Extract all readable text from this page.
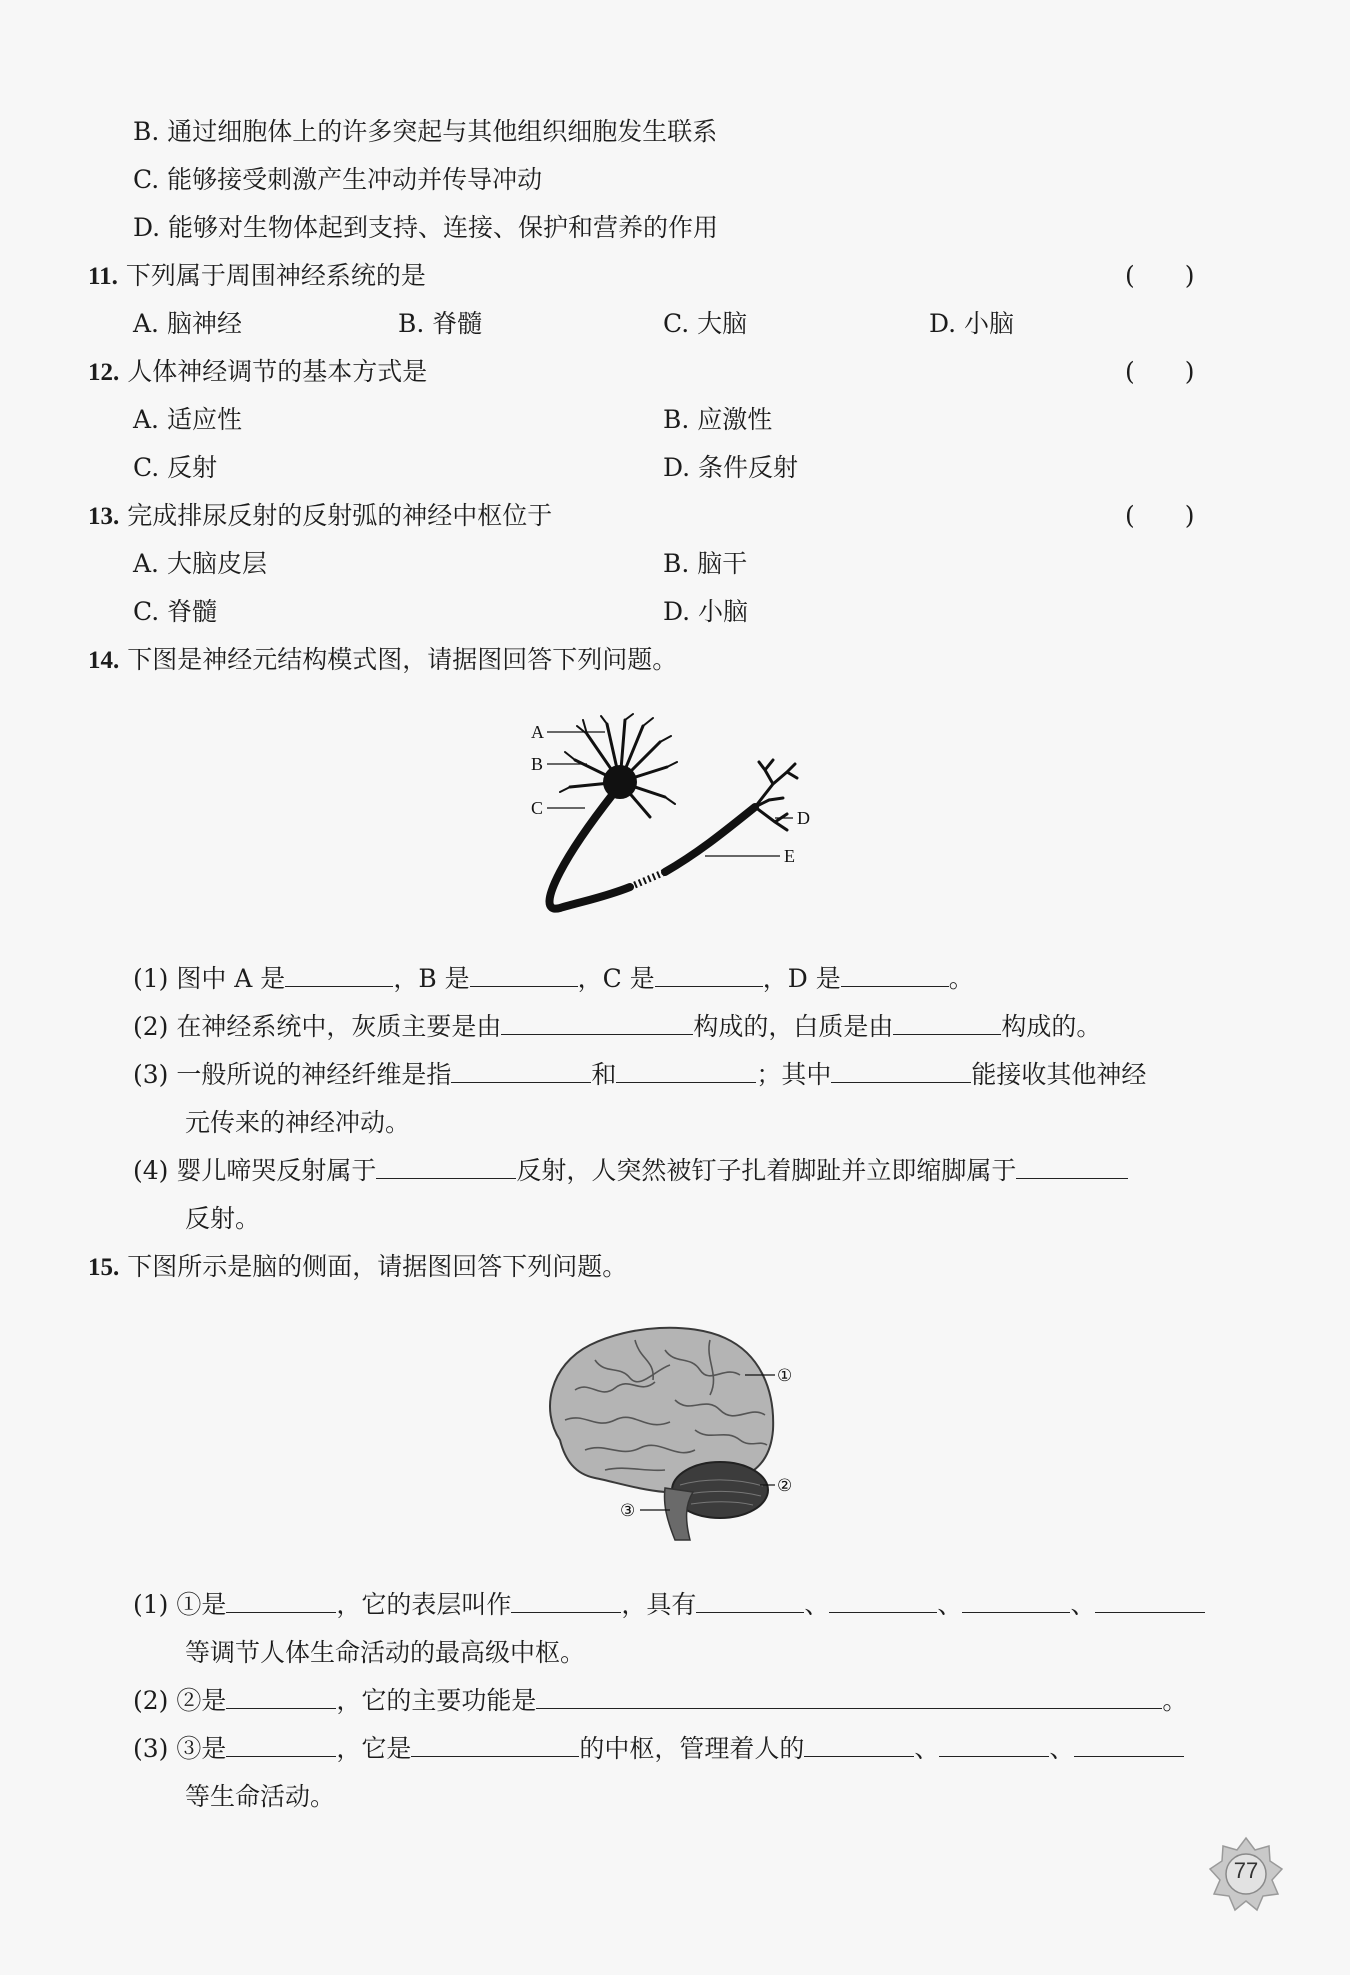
B. 通过细胞体上的许多突起与其他组织细胞发生联系
C. 能够接受刺激产生冲动并传导冲动
D. 能够对生物体起到支持、连接、保护和营养的作用
11. 下列属于周围神经系统的是	(　　)
A. 脑神经	B. 脊髓	C. 大脑	D. 小脑
12. 人体神经调节的基本方式是	(　　)
A. 适应性	B. 应激性
C. 反射	D. 条件反射
13. 完成排尿反射的反射弧的神经中枢位于	(　　)
A. 大脑皮层	B. 脑干
C. 脊髓	D. 小脑
14. 下图是神经元结构模式图，请据图回答下列问题。
A
B
C	D
E
(1) 图中 A 是	，B 是	，C 是	，D 是	。
(2) 在神经系统中，灰质主要是由	构成的，白质是由	构成的。
(3) 一般所说的神经纤维是指	和	；其中	能接收其他神经
元传来的神经冲动。
(4) 婴儿啼哭反射属于	反射，人突然被钉子扎着脚趾并立即缩脚属于
反射。
15. 下图所示是脑的侧面，请据图回答下列问题。
①
②
③
(1) ①是	，它的表层叫作	，具有	、	、	、
等调节人体生命活动的最高级中枢。
(2) ②是	，它的主要功能是	。
(3) ③是	，它是	的中枢，管理着人的	、	、
等生命活动。
77
